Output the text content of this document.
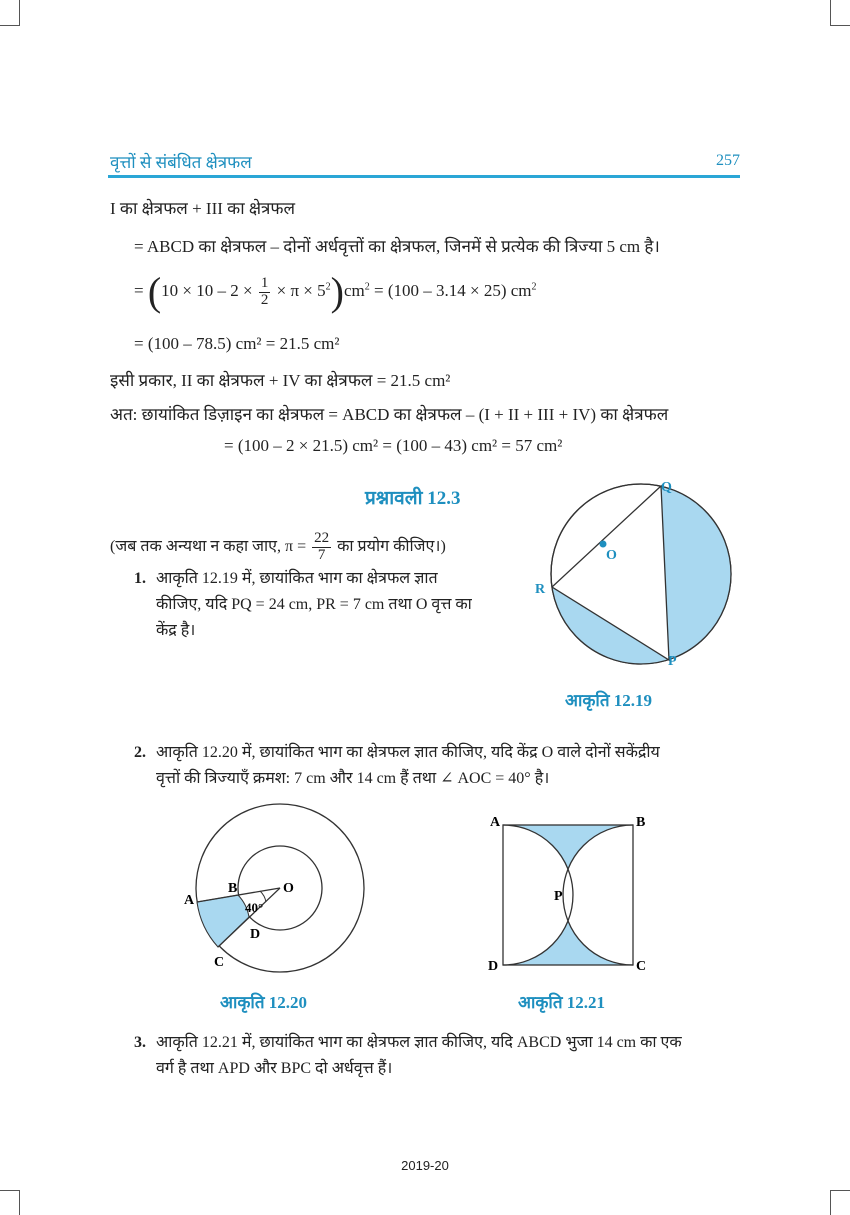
वृत्तों से संबंधित क्षेत्रफल	257
I का क्षेत्रफल + III का क्षेत्रफल
= ABCD का क्षेत्रफल – दोनों अर्धवृत्तों का क्षेत्रफल, जिनमें से प्रत्येक की त्रिज्या 5 cm है।
= $(10 \times 10 - 2 \times \frac{1}{2} \times \pi \times 5^2)cm^2 = (100 - 3.14 \times 25)$ $cm^2$
= (100 – 78.5) cm² = 21.5 cm²
इसी प्रकार, II का क्षेत्रफल + IV का क्षेत्रफल = 21.5 cm²
अत: छायांकित डिज़ाइन का क्षेत्रफल = ABCD का क्षेत्रफल – (I + II + III + IV) का क्षेत्रफल
= (100 – 2 × 21.5) cm² = (100 – 43) cm² = 57 cm²
प्रश्नावली 12.3
(जब तक अन्यथा न कहा जाए, $\pi = \frac{22}{7}$ का प्रयोग कीजिए।)
1. आकृति 12.19 में, छायांकित भाग का क्षेत्रफल ज्ञात
कीजिए, यदि PQ = 24 cm, PR = 7 cm तथा O वृत्त का
केंद्र है।
2. आकृति 12.20 में, छायांकित भाग का क्षेत्रफल ज्ञात कीजिए, यदि केंद्र O वाले दोनों सकेंद्रीय
वृत्तों की त्रिज्याएँ क्रमश: 7 cm और 14 cm हैं तथा ∠ AOC = 40° है।
3. आकृति 12.21 में, छायांकित भाग का क्षेत्रफल ज्ञात कीजिए, यदि ABCD भुजा 14 cm का एक
वर्ग है तथा APD और BPC दो अर्धवृत्त हैं।
Q
O
R
P
आकृति 12.19
A
B	O
D
C
40°
आकृति 12.20
A	B
P
D	C
आकृति 12.21
2019-20
